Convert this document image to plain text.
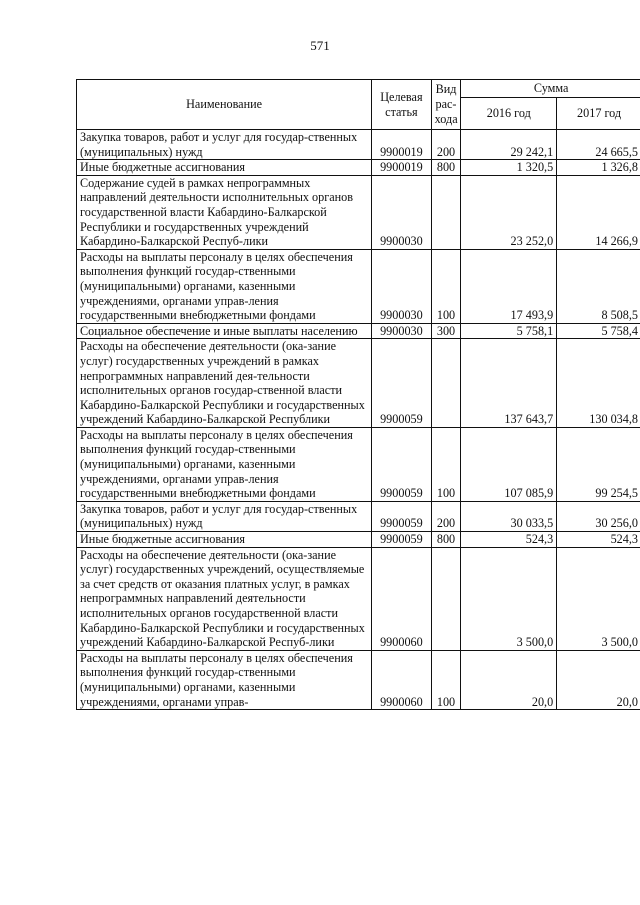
571
Наименование	Целевая статья	Вид рас-хода	Сумма	
			2016 год	2017 год
Закупка товаров, работ и услуг для государ-ственных (муниципальных) нужд	9900019	200	29 242,1	24 665,5
Иные бюджетные ассигнования	9900019	800	1 320,5	1 326,8
Содержание судей в рамках непрограммных направлений деятельности исполнительных органов государственной власти Кабардино-Балкарской Республики и государственных учреждений Кабардино-Балкарской Респуб-лики	9900030		23 252,0	14 266,9
Расходы на выплаты персоналу в целях обеспечения выполнения функций государ-ственными (муниципальными) органами, казенными учреждениями, органами управ-ления государственными внебюджетными фондами	9900030	100	17 493,9	8 508,5
Социальное обеспечение и иные выплаты населению	9900030	300	5 758,1	5 758,4
Расходы на обеспечение деятельности (ока-зание услуг) государственных учреждений в рамках непрограммных направлений дея-тельности исполнительных органов государ-ственной власти Кабардино-Балкарской Республики и государственных учреждений Кабардино-Балкарской Республики	9900059		137 643,7	130 034,8
Расходы на выплаты персоналу в целях обеспечения выполнения функций государ-ственными (муниципальными) органами, казенными учреждениями, органами управ-ления государственными внебюджетными фондами	9900059	100	107 085,9	99 254,5
Закупка товаров, работ и услуг для государ-ственных (муниципальных) нужд	9900059	200	30 033,5	30 256,0
Иные бюджетные ассигнования	9900059	800	524,3	524,3
Расходы на обеспечение деятельности (ока-зание услуг) государственных учреждений, осуществляемые за счет средств от оказания платных услуг, в рамках непрограммных направлений деятельности исполнительных органов государственной власти Кабардино-Балкарской Республики и государственных учреждений Кабардино-Балкарской Респуб-лики	9900060		3 500,0	3 500,0
Расходы на выплаты персоналу в целях обеспечения выполнения функций государ-ственными (муниципальными) органами, казенными учреждениями, органами управ-	9900060	100	20,0	20,0
